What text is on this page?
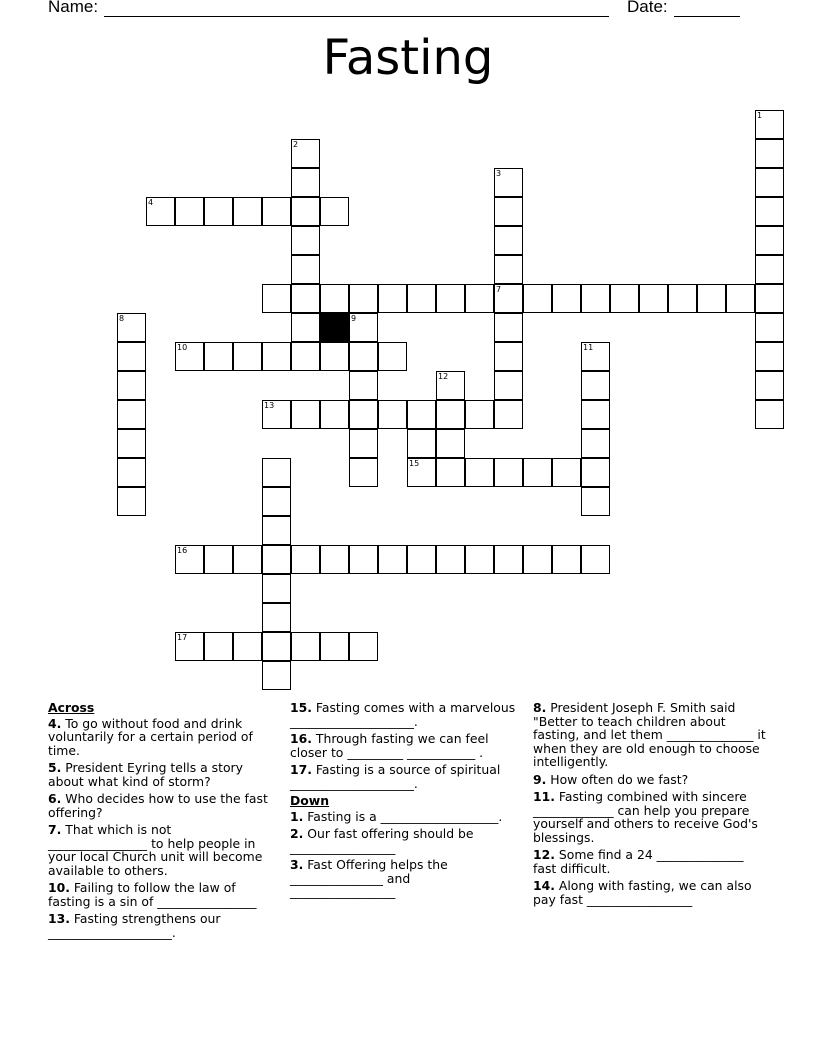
Name:	Date:
Fasting
1
2
3
7
4
8	9
10	11
12
13
15
16
17
Across
4. To go without food and drink voluntarily for a certain period of time.
5. President Eyring tells a story about what kind of storm?
6. Who decides how to use the fast offering?
7. That which is not ________________ to help people in your local Church unit will become available to others.
10. Failing to follow the law of fasting is a sin of ________________
13. Fasting strengthens our ____________________.
15. Fasting comes with a marvelous ____________________.
16. Through fasting we can feel closer to _________ ___________ .
17. Fasting is a source of spiritual ____________________.
Down
1. Fasting is a ___________________.
2. Our fast offering should be _________________
3. Fast Offering helps the _______________ and _________________
8. President Joseph F. Smith said "Better to teach children about fasting, and let them ______________ it when they are old enough to choose intelligently.
9. How often do we fast?
11. Fasting combined with sincere _____________ can help you prepare yourself and others to receive God's blessings.
12. Some find a 24 ______________ fast difficult.
14. Along with fasting, we can also pay fast _________________
